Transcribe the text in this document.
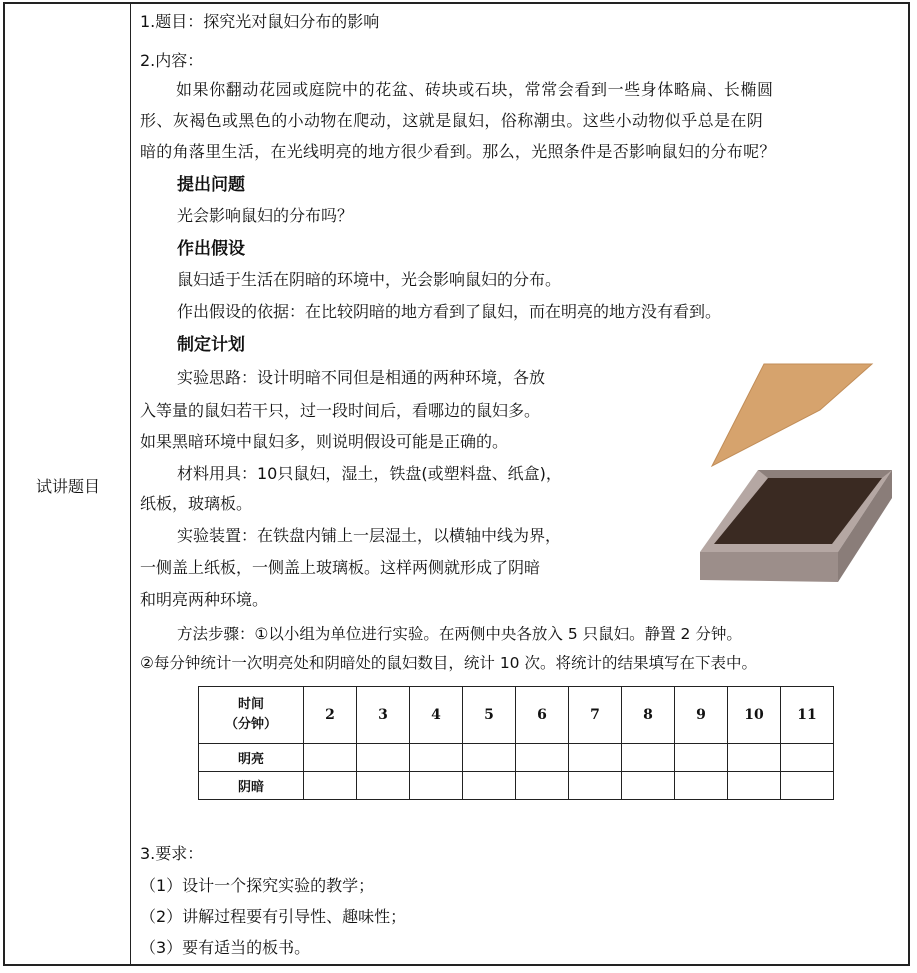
试讲题目
1.题目：探究光对鼠妇分布的影响
2.内容：
如果你翻动花园或庭院中的花盆、砖块或石块，常常会看到一些身体略扁、长椭圆
形、灰褐色或黑色的小动物在爬动，这就是鼠妇，俗称潮虫。这些小动物似乎总是在阴
暗的角落里生活，在光线明亮的地方很少看到。那么，光照条件是否影响鼠妇的分布呢？
提出问题
光会影响鼠妇的分布吗？
作出假设
鼠妇适于生活在阴暗的环境中，光会影响鼠妇的分布。
作出假设的依据：在比较阴暗的地方看到了鼠妇，而在明亮的地方没有看到。
制定计划
实验思路：设计明暗不同但是相通的两种环境，各放
入等量的鼠妇若干只，过一段时间后，看哪边的鼠妇多。
如果黑暗环境中鼠妇多，则说明假设可能是正确的。
材料用具：10只鼠妇，湿土，铁盘(或塑料盘、纸盒)，
纸板，玻璃板。
实验装置：在铁盘内铺上一层湿土，以横轴中线为界，
一侧盖上纸板，一侧盖上玻璃板。这样两侧就形成了阴暗
和明亮两种环境。
方法步骤：①以小组为单位进行实验。在两侧中央各放入 5 只鼠妇。静置 2 分钟。
②每分钟统计一次明亮处和阴暗处的鼠妇数目，统计 10 次。将统计的结果填写在下表中。
时间
（分钟）	2	3	4	5	6	7	8	9	10	11
明亮										
阴暗										
3.要求：
（1）设计一个探究实验的教学；
（2）讲解过程要有引导性、趣味性；
（3）要有适当的板书。
